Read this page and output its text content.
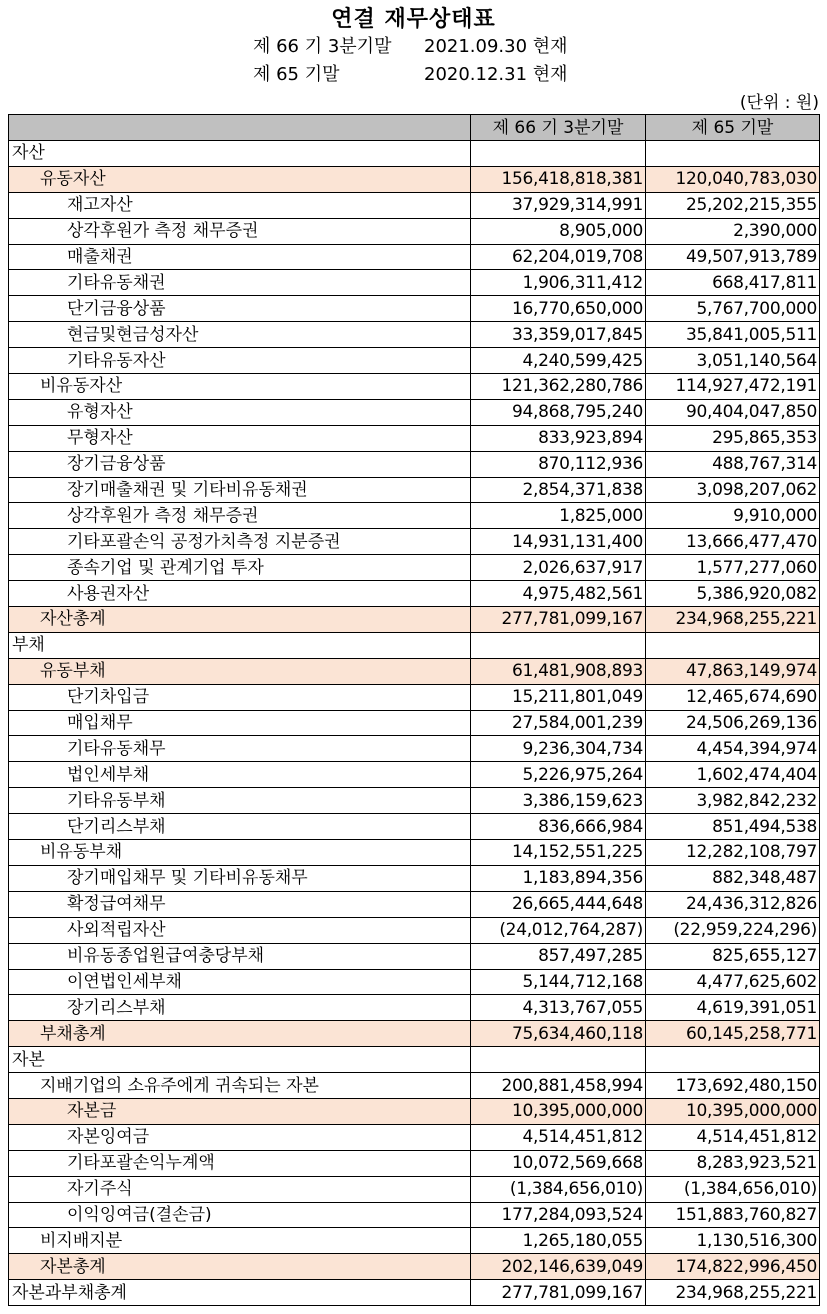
연결 재무상태표
제 66 기 3분기말 2021.09.30 현재
제 65 기말	2020.12.31 현재
(단위 : 원)
	제 66 기 3분기말	제 65 기말
자산		
유동자산	156,418,818,381	120,040,783,030
재고자산	37,929,314,991	25,202,215,355
상각후원가 측정 채무증권	8,905,000	2,390,000
매출채권	62,204,019,708	49,507,913,789
기타유동채권	1,906,311,412	668,417,811
단기금융상품	16,770,650,000	5,767,700,000
현금및현금성자산	33,359,017,845	35,841,005,511
기타유동자산	4,240,599,425	3,051,140,564
비유동자산	121,362,280,786	114,927,472,191
유형자산	94,868,795,240	90,404,047,850
무형자산	833,923,894	295,865,353
장기금융상품	870,112,936	488,767,314
장기매출채권 및 기타비유동채권	2,854,371,838	3,098,207,062
상각후원가 측정 채무증권	1,825,000	9,910,000
기타포괄손익 공정가치측정 지분증권	14,931,131,400	13,666,477,470
종속기업 및 관계기업 투자	2,026,637,917	1,577,277,060
사용권자산	4,975,482,561	5,386,920,082
자산총계	277,781,099,167	234,968,255,221
부채		
유동부채	61,481,908,893	47,863,149,974
단기차입금	15,211,801,049	12,465,674,690
매입채무	27,584,001,239	24,506,269,136
기타유동채무	9,236,304,734	4,454,394,974
법인세부채	5,226,975,264	1,602,474,404
기타유동부채	3,386,159,623	3,982,842,232
단기리스부채	836,666,984	851,494,538
비유동부채	14,152,551,225	12,282,108,797
장기매입채무 및 기타비유동채무	1,183,894,356	882,348,487
확정급여채무	26,665,444,648	24,436,312,826
사외적립자산	(24,012,764,287)	(22,959,224,296)
비유동종업원급여충당부채	857,497,285	825,655,127
이연법인세부채	5,144,712,168	4,477,625,602
장기리스부채	4,313,767,055	4,619,391,051
부채총계	75,634,460,118	60,145,258,771
자본		
지배기업의 소유주에게 귀속되는 자본	200,881,458,994	173,692,480,150
자본금	10,395,000,000	10,395,000,000
자본잉여금	4,514,451,812	4,514,451,812
기타포괄손익누계액	10,072,569,668	8,283,923,521
자기주식	(1,384,656,010)	(1,384,656,010)
이익잉여금(결손금)	177,284,093,524	151,883,760,827
비지배지분	1,265,180,055	1,130,516,300
자본총계	202,146,639,049	174,822,996,450
자본과부채총계	277,781,099,167	234,968,255,221
